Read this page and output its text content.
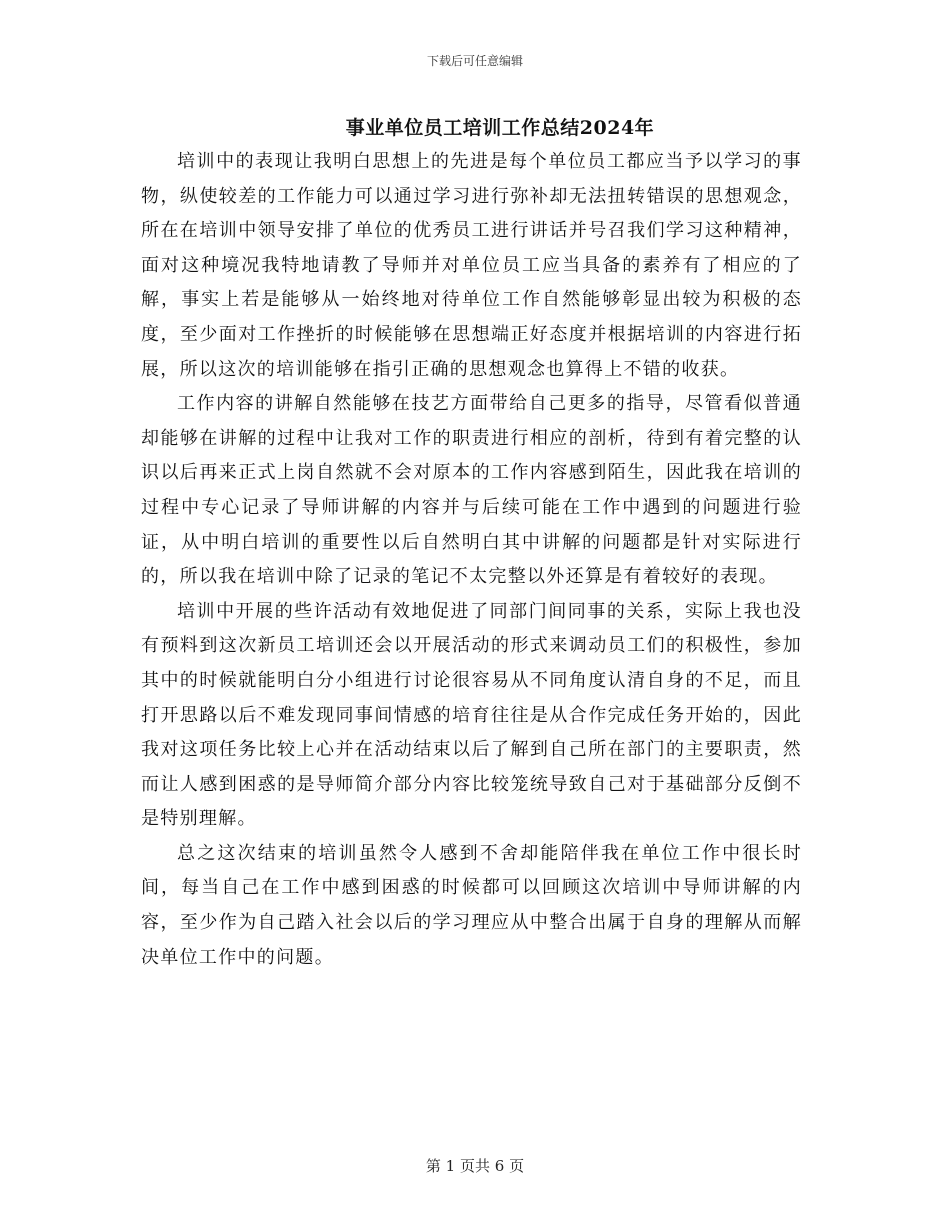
下载后可任意编辑
事业单位员工培训工作总结2024年

培训中的表现让我明白思想上的先进是每个单位员工都应当予以学习的事物，纵使较差的工作能力可以通过学习进行弥补却无法扭转错误的思想观念，所在在培训中领导安排了单位的优秀员工进行讲话并号召我们学习这种精神，面对这种境况我特地请教了导师并对单位员工应当具备的素养有了相应的了解，事实上若是能够从一始终地对待单位工作自然能够彰显出较为积极的态度，至少面对工作挫折的时候能够在思想端正好态度并根据培训的内容进行拓展，所以这次的培训能够在指引正确的思想观念也算得上不错的收获。

工作内容的讲解自然能够在技艺方面带给自己更多的指导，尽管看似普通却能够在讲解的过程中让我对工作的职责进行相应的剖析，待到有着完整的认识以后再来正式上岗自然就不会对原本的工作内容感到陌生，因此我在培训的过程中专心记录了导师讲解的内容并与后续可能在工作中遇到的问题进行验证，从中明白培训的重要性以后自然明白其中讲解的问题都是针对实际进行的，所以我在培训中除了记录的笔记不太完整以外还算是有着较好的表现。

培训中开展的些许活动有效地促进了同部门间同事的关系，实际上我也没有预料到这次新员工培训还会以开展活动的形式来调动员工们的积极性，参加其中的时候就能明白分小组进行讨论很容易从不同角度认清自身的不足，而且打开思路以后不难发现同事间情感的培育往往是从合作完成任务开始的，因此我对这项任务比较上心并在活动结束以后了解到自己所在部门的主要职责，然而让人感到困惑的是导师简介部分内容比较笼统导致自己对于基础部分反倒不是特别理解。

总之这次结束的培训虽然令人感到不舍却能陪伴我在单位工作中很长时间，每当自己在工作中感到困惑的时候都可以回顾这次培训中导师讲解的内容，至少作为自己踏入社会以后的学习理应从中整合出属于自身的理解从而解决单位工作中的问题。

第 1 页共 6 页
